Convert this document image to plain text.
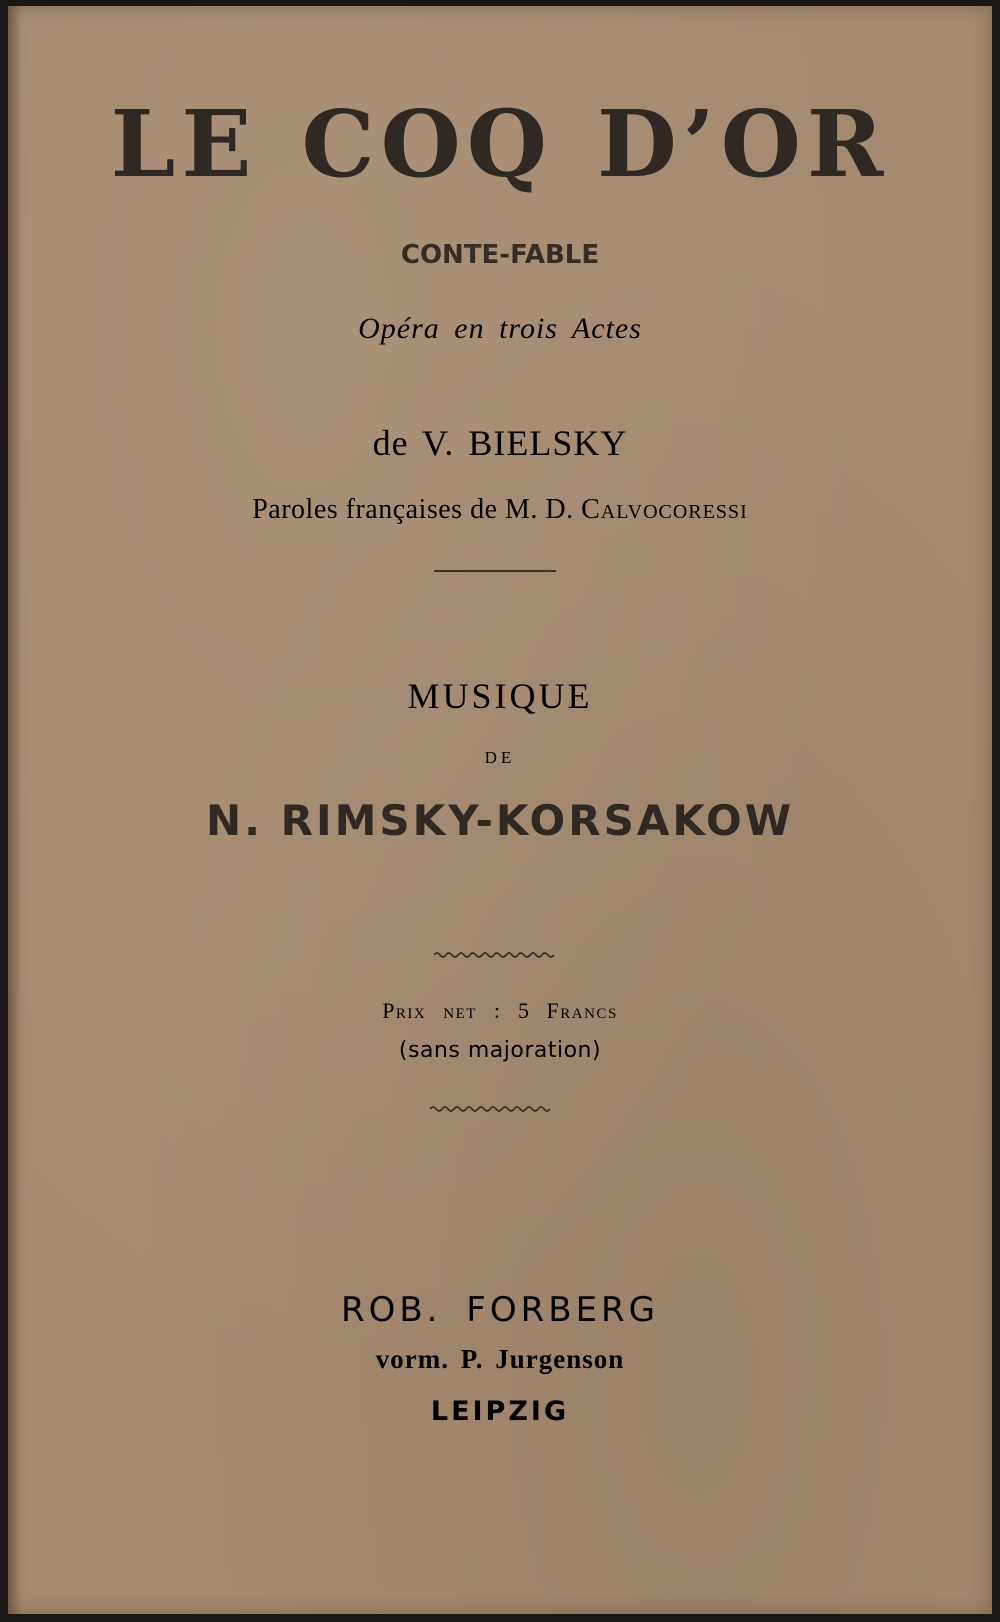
LE COQ D’OR
CONTE-FABLE
Opéra en trois Actes
de V. BIELSKY
Paroles françaises de M. D. Calvocoressi
MUSIQUE
DE
N. RIMSKY-KORSAKOW
Prix net : 5 Francs
(sans majoration)
ROB. FORBERG
vorm. P. Jurgenson
LEIPZIG
